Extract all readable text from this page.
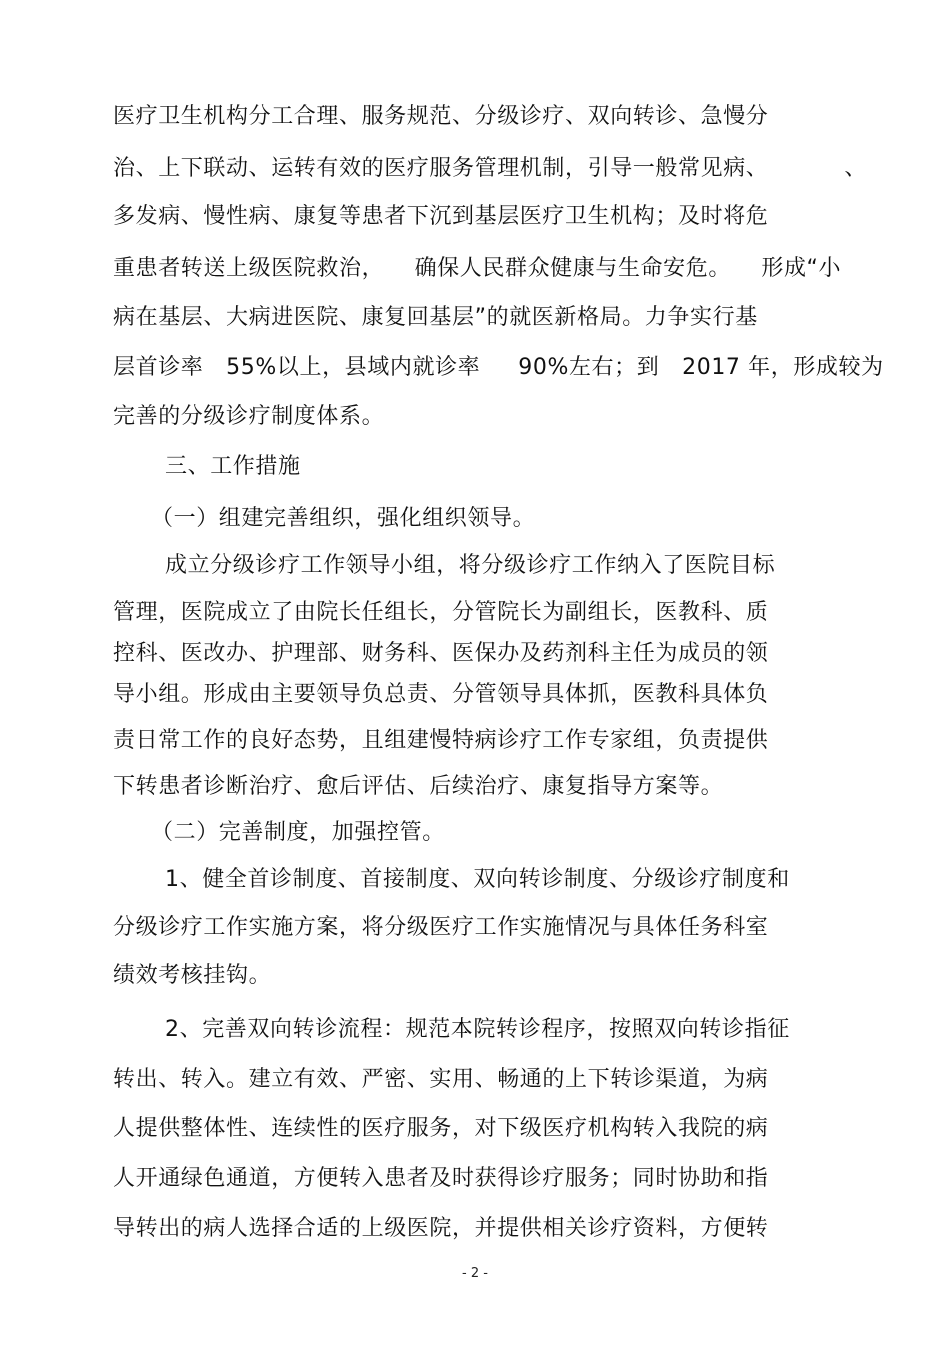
医疗卫生机构分工合理、服务规范、分级诊疗、双向转诊、急慢分
治、上下联动、运转有效的医疗服务管理机制，引导一般常见病、          、
多发病、慢性病、康复等患者下沉到基层医疗卫生机构；及时将危
重患者转送上级医院救治，    确保人民群众健康与生命安危。    形成“小
病在基层、大病进医院、康复回基层”的就医新格局。力争实行基
层首诊率   55%以上，县域内就诊率     90%左右；到   2017 年，形成较为
完善的分级诊疗制度体系。
三、工作措施
（一）组建完善组织，强化组织领导。
成立分级诊疗工作领导小组，将分级诊疗工作纳入了医院目标
管理，医院成立了由院长任组长，分管院长为副组长，医教科、质
控科、医改办、护理部、财务科、医保办及药剂科主任为成员的领
导小组。形成由主要领导负总责、分管领导具体抓，医教科具体负
责日常工作的良好态势，且组建慢特病诊疗工作专家组，负责提供
下转患者诊断治疗、愈后评估、后续治疗、康复指导方案等。
（二）完善制度，加强控管。
1、健全首诊制度、首接制度、双向转诊制度、分级诊疗制度和
分级诊疗工作实施方案，将分级医疗工作实施情况与具体任务科室
绩效考核挂钩。
2、完善双向转诊流程：规范本院转诊程序，按照双向转诊指征
转出、转入。建立有效、严密、实用、畅通的上下转诊渠道，为病
人提供整体性、连续性的医疗服务，对下级医疗机构转入我院的病
人开通绿色通道，方便转入患者及时获得诊疗服务；同时协助和指
导转出的病人选择合适的上级医院，并提供相关诊疗资料，方便转
- 2 -
